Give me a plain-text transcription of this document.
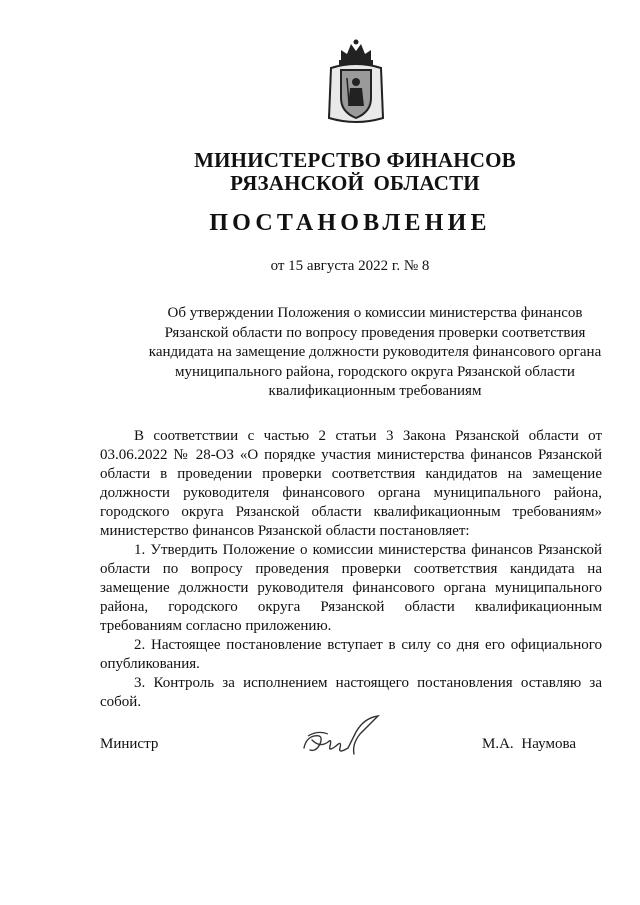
МИНИСТЕРСТВО ФИНАНСОВ
РЯЗАНСКОЙ ОБЛАСТИ
ПОСТАНОВЛЕНИЕ
от 15 августа 2022 г. № 8
Об утверждении Положения о комиссии министерства финансов
Рязанской области по вопросу проведения проверки соответствия
кандидата на замещение должности руководителя финансового органа
муниципального района, городского округа Рязанской области
квалификационным требованиям

В соответствии с частью 2 статьи 3 Закона Рязанской области от 03.06.2022 № 28-ОЗ «О порядке участия министерства финансов Рязанской области в проведении проверки соответствия кандидатов на замещение должности руководителя финансового органа муниципального района, городского округа Рязанской области квалификационным требованиям» министерство финансов Рязанской области постановляет:

1. Утвердить Положение о комиссии министерства финансов Рязанской области по вопросу проведения проверки соответствия кандидата на замещение должности руководителя финансового органа муниципального района, городского округа Рязанской области квалификационным требованиям согласно приложению.

2. Настоящее постановление вступает в силу со дня его официального опубликования.

3. Контроль за исполнением настоящего постановления оставляю за собой.

Министр	М.А. Наумова
